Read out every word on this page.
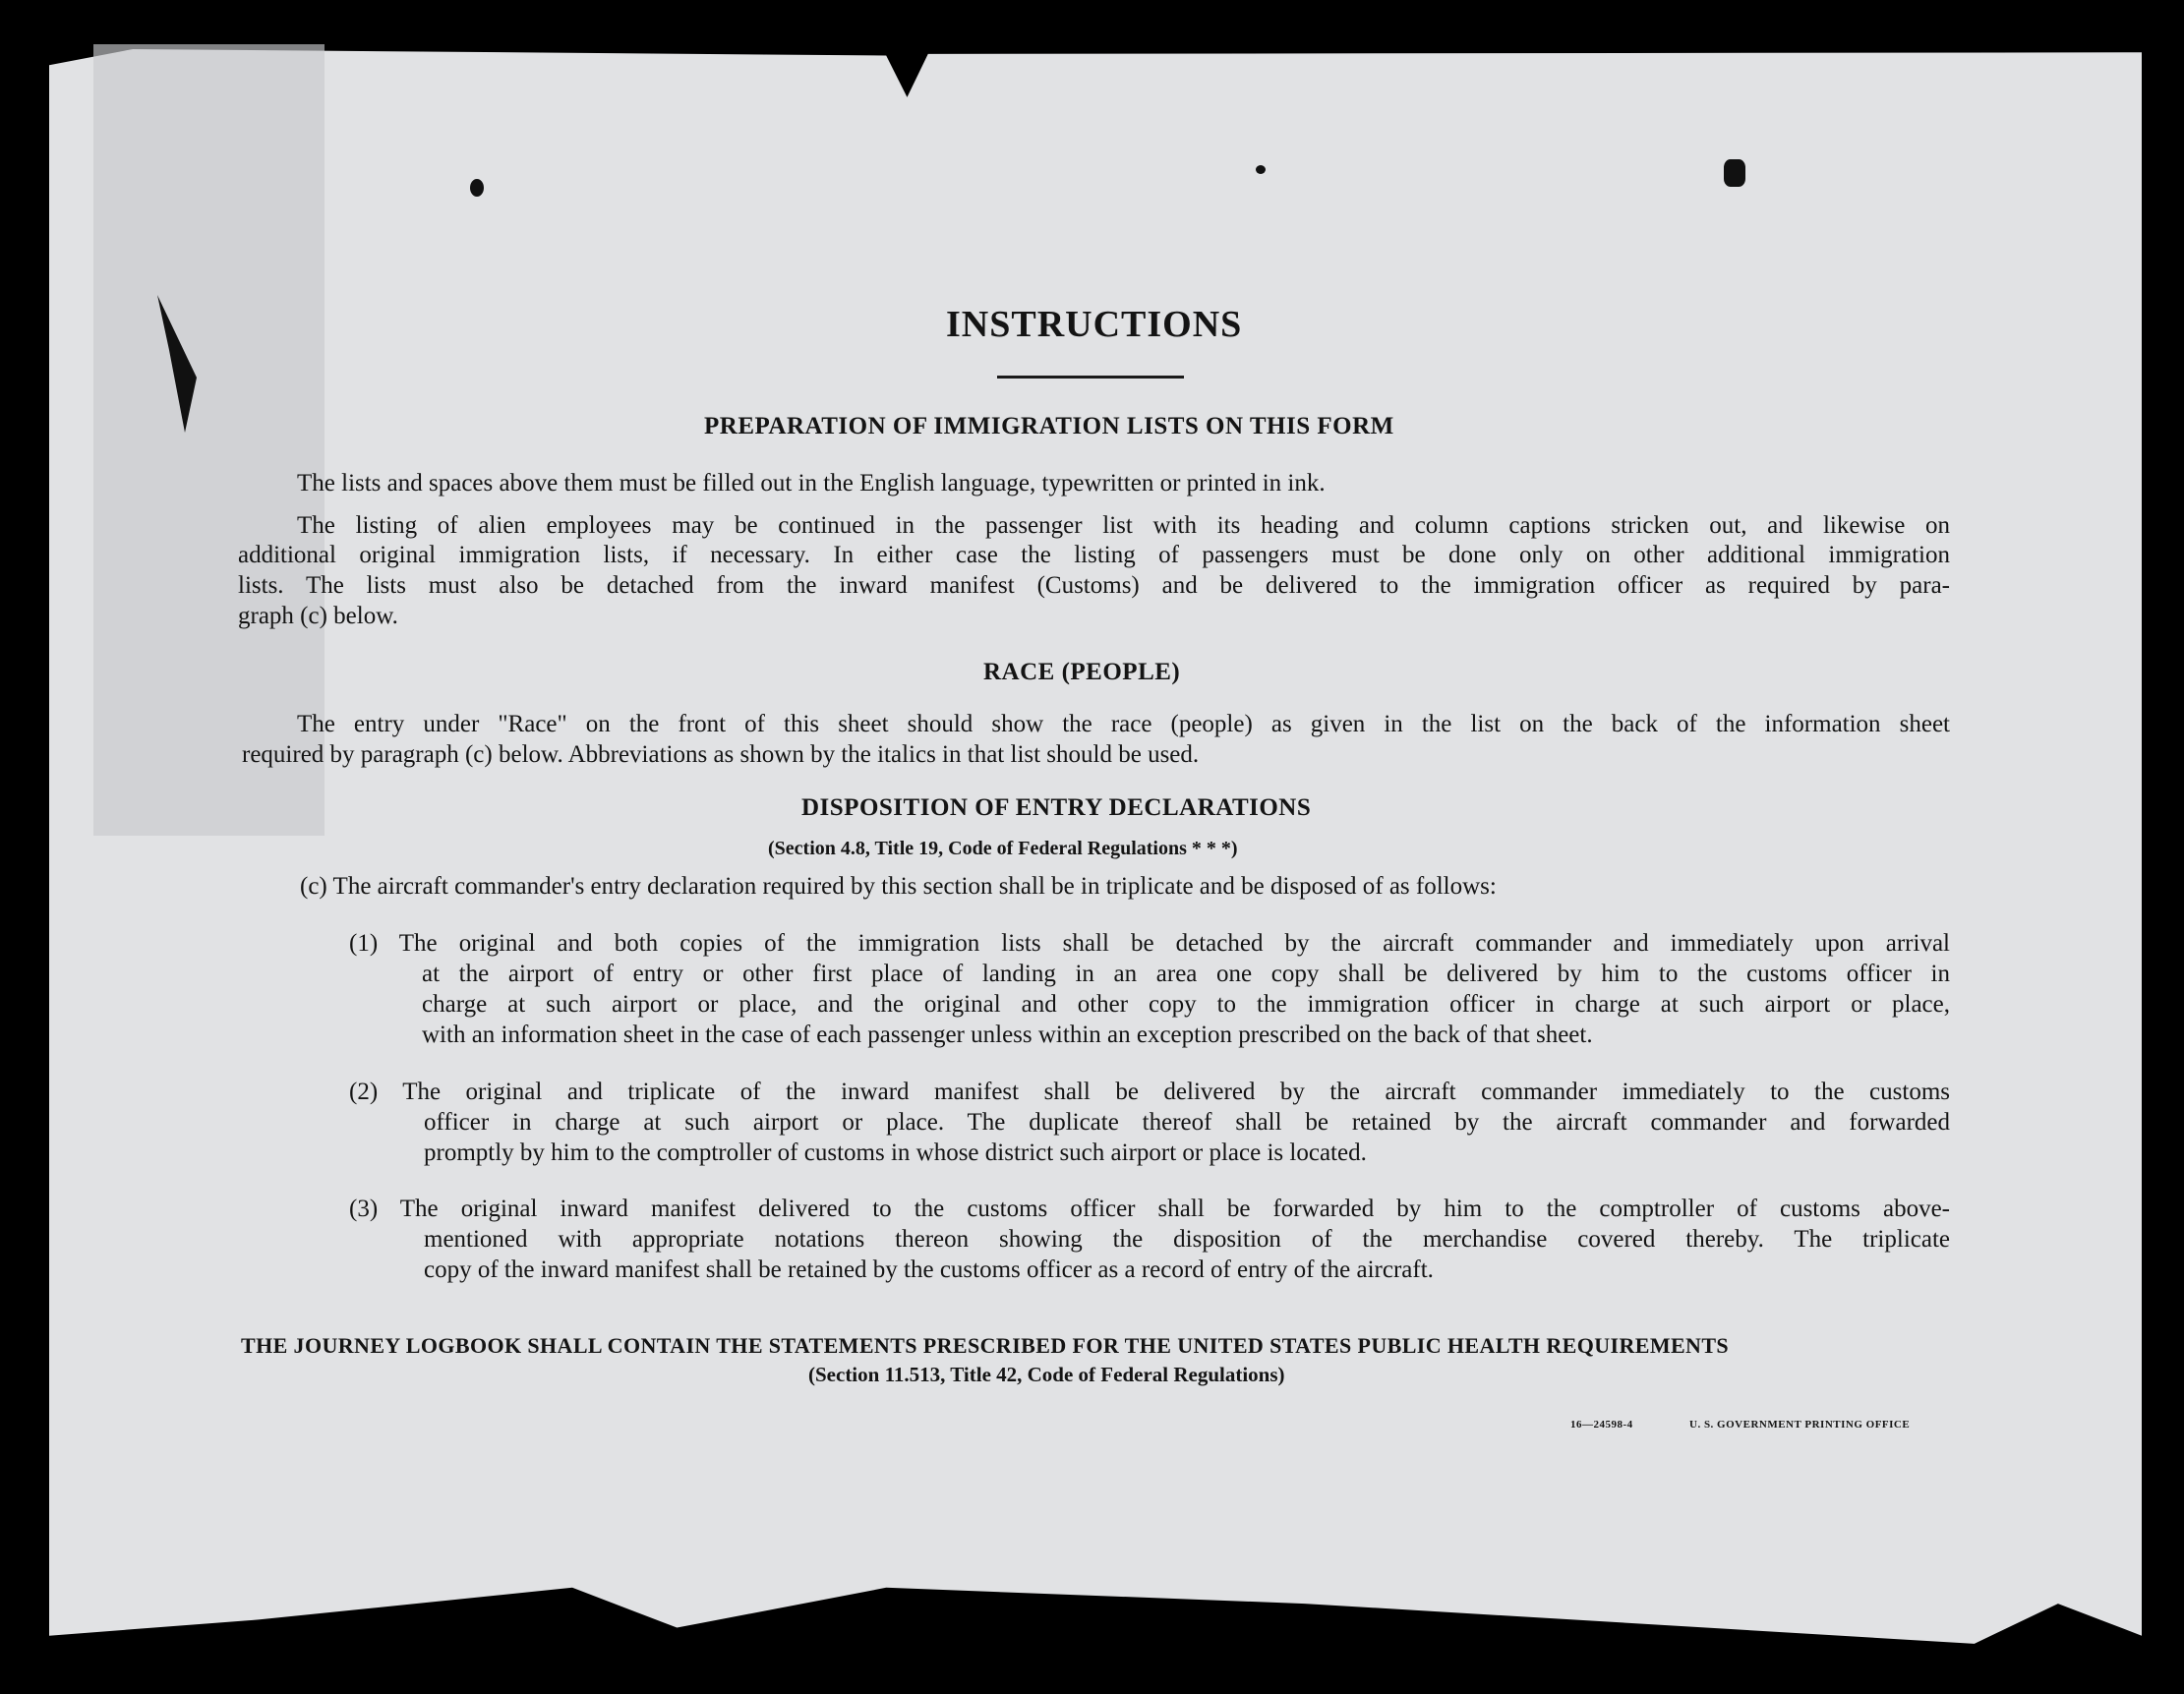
INSTRUCTIONS
PREPARATION OF IMMIGRATION LISTS ON THIS FORM
The lists and spaces above them must be filled out in the English language, typewritten or printed in ink.
The listing of alien employees may be continued in the passenger list with its heading and column captions stricken out, and likewise on
additional original immigration lists, if necessary. In either case the listing of passengers must be done only on other additional immigration
lists. The lists must also be detached from the inward manifest (Customs) and be delivered to the immigration officer as required by para-
graph (c) below.
RACE (PEOPLE)
The entry under "Race" on the front of this sheet should show the race (people) as given in the list on the back of the information sheet
required by paragraph (c) below. Abbreviations as shown by the italics in that list should be used.
DISPOSITION OF ENTRY DECLARATIONS
(Section 4.8, Title 19, Code of Federal Regulations * * *)
(c) The aircraft commander's entry declaration required by this section shall be in triplicate and be disposed of as follows:
(1) The original and both copies of the immigration lists shall be detached by the aircraft commander and immediately upon arrival
at the airport of entry or other first place of landing in an area one copy shall be delivered by him to the customs officer in
charge at such airport or place, and the original and other copy to the immigration officer in charge at such airport or place,
with an information sheet in the case of each passenger unless within an exception prescribed on the back of that sheet.
(2) The original and triplicate of the inward manifest shall be delivered by the aircraft commander immediately to the customs
officer in charge at such airport or place. The duplicate thereof shall be retained by the aircraft commander and forwarded
promptly by him to the comptroller of customs in whose district such airport or place is located.
(3) The original inward manifest delivered to the customs officer shall be forwarded by him to the comptroller of customs above-
mentioned with appropriate notations thereon showing the disposition of the merchandise covered thereby. The triplicate
copy of the inward manifest shall be retained by the customs officer as a record of entry of the aircraft.
THE JOURNEY LOGBOOK SHALL CONTAIN THE STATEMENTS PRESCRIBED FOR THE UNITED STATES PUBLIC HEALTH REQUIREMENTS
(Section 11.513, Title 42, Code of Federal Regulations)
16—24598-4	U. S. GOVERNMENT PRINTING OFFICE
